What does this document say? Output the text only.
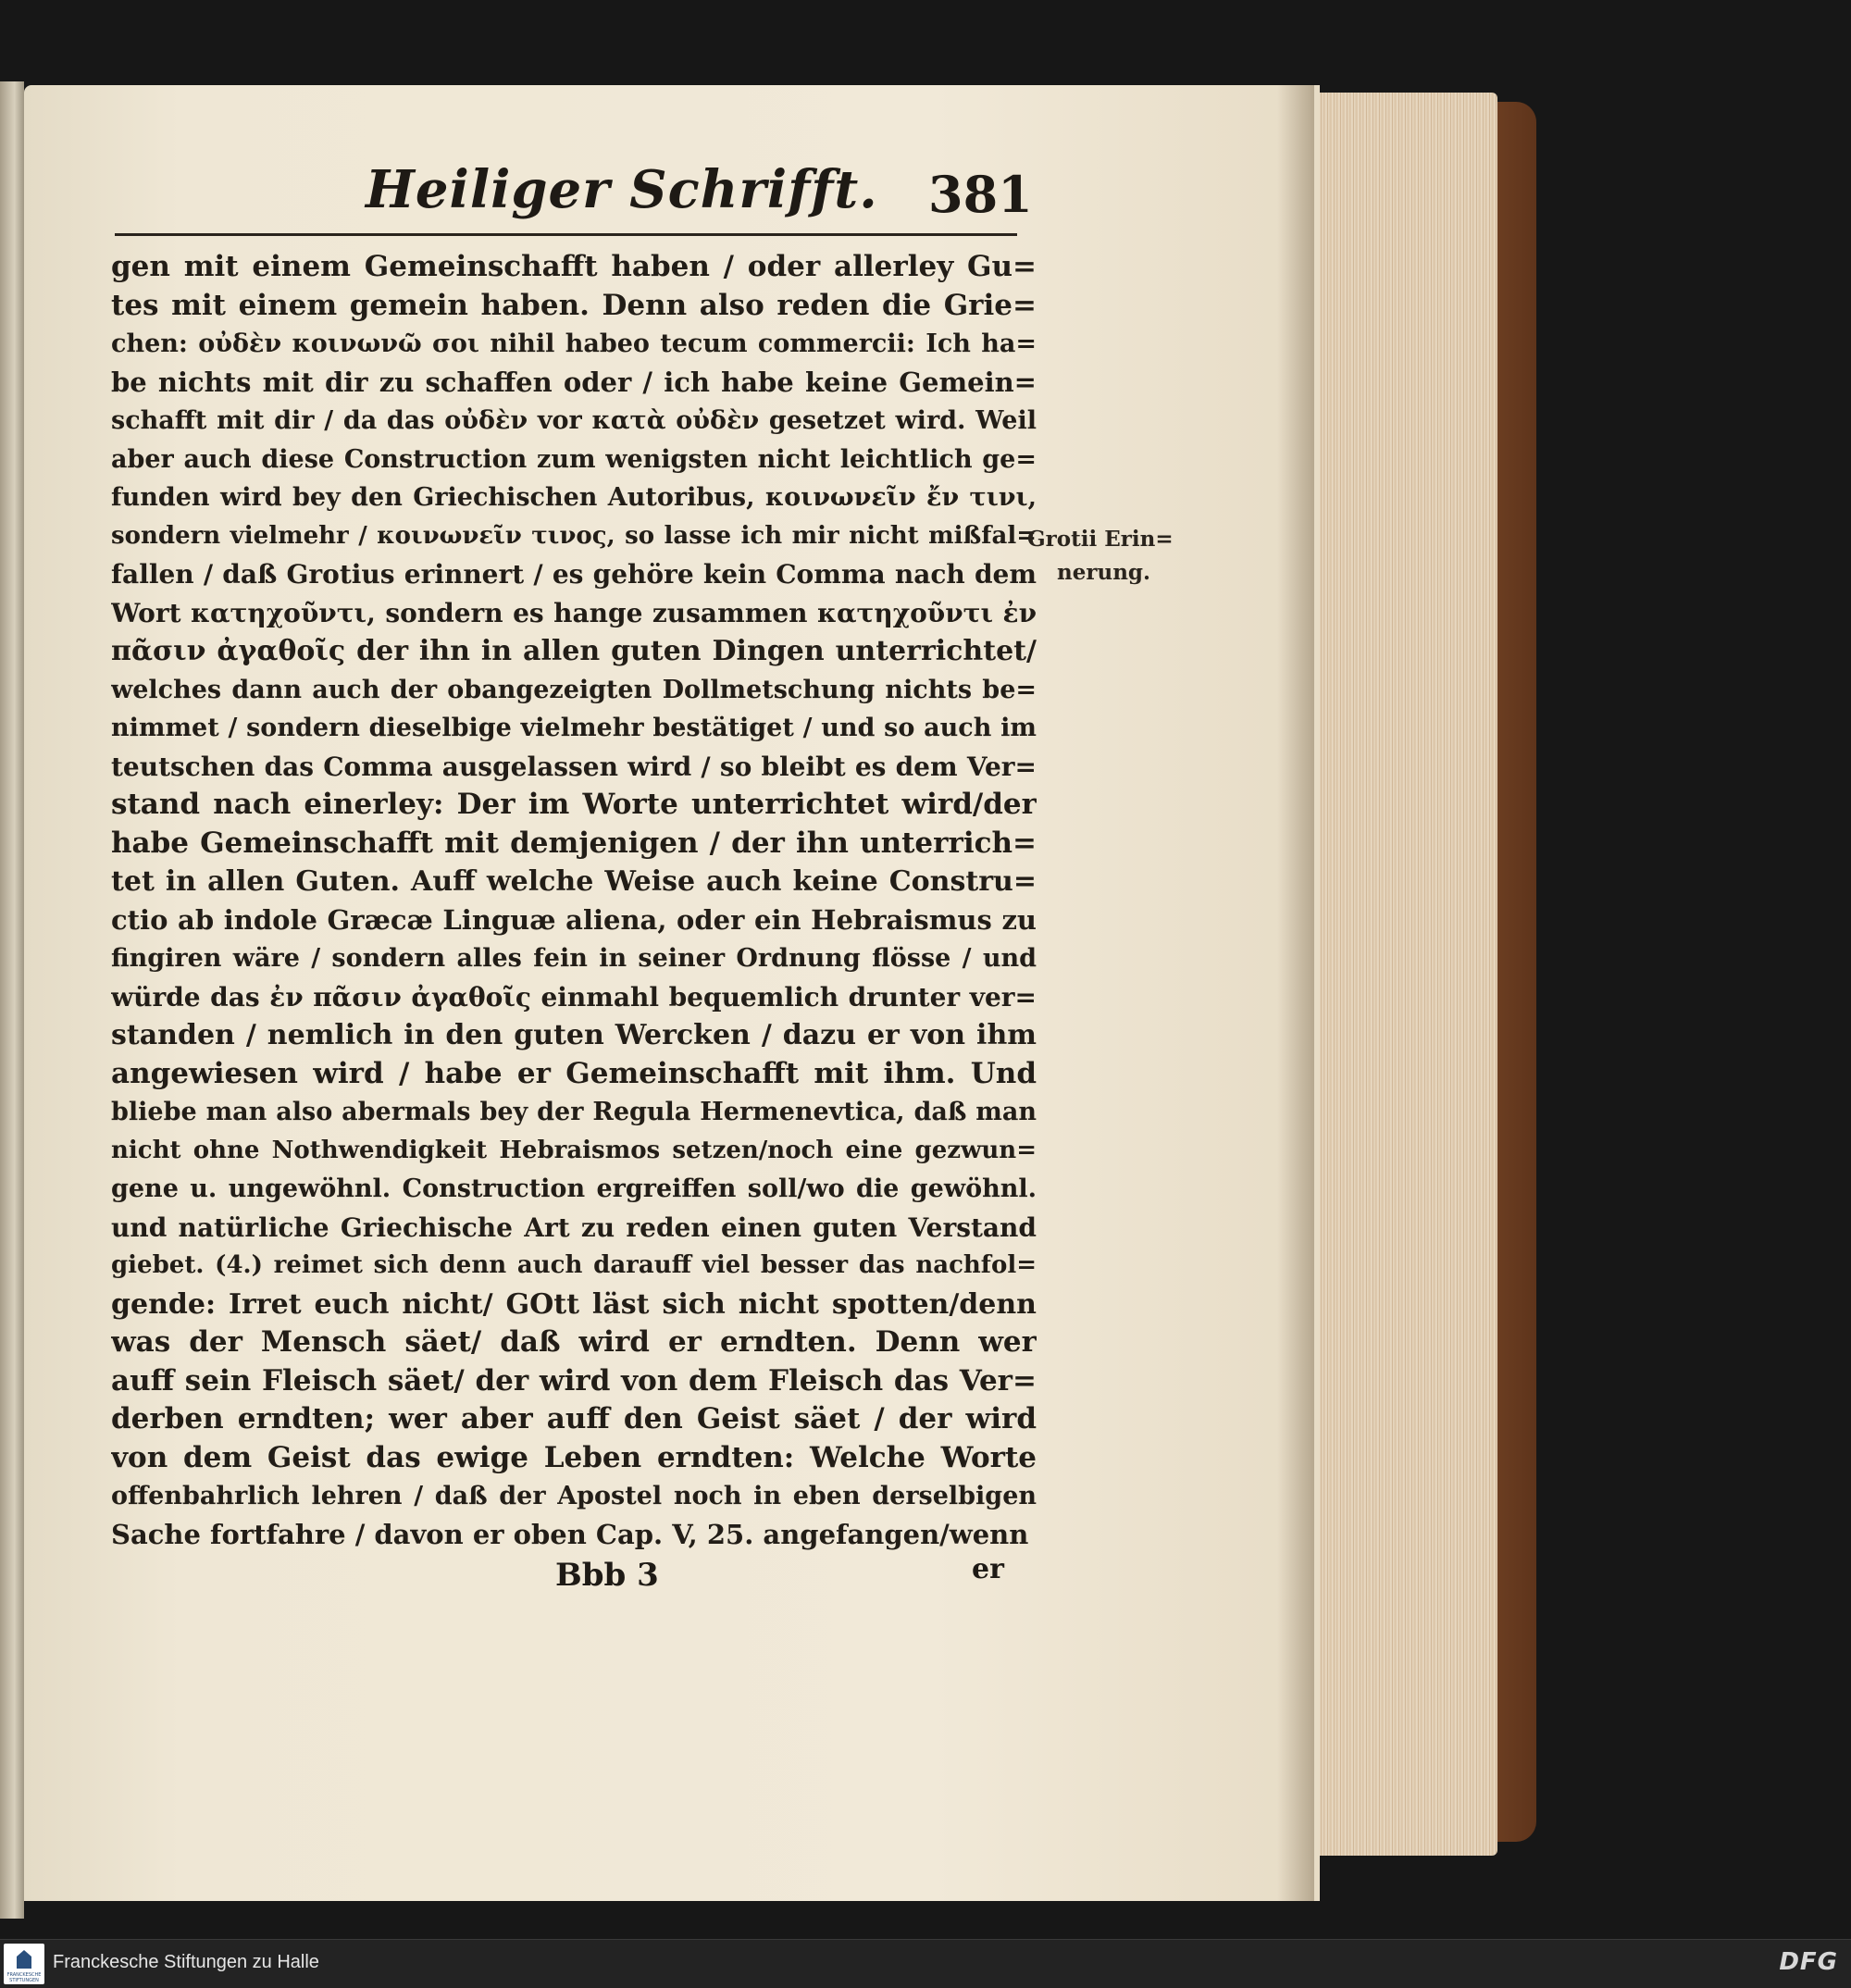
Heiliger Schrifft. 381
gen mit einem Gemeinschafft haben / oder allerley Gu=
tes mit einem gemein haben. Denn also reden die Grie=
chen: οὐδὲν κοινωνῶ σοι nihil habeo tecum commercii: Ich ha=
be nichts mit dir zu schaffen oder / ich habe keine Gemein=
schafft mit dir / da das οὐδὲν vor κατὰ οὐδὲν gesetzet wird. Weil
aber auch diese Construction zum wenigsten nicht leichtlich ge=
funden wird bey den Griechischen Autoribus, κοινωνεῖν ἔν τινι,
sondern vielmehr / κοινωνεῖν τινος, so lasse ich mir nicht mißfal=
fallen / daß Grotius erinnert / es gehöre kein Comma nach dem
Wort κατηχοῦντι, sondern es hange zusammen κατηχοῦντι ἐν
πᾶσιν ἀγαθοῖς der ihn in allen guten Dingen unterrichtet/
welches dann auch der obangezeigten Dollmetschung nichts be=
nimmet / sondern dieselbige vielmehr bestätiget / und so auch im
teutschen das Comma ausgelassen wird / so bleibt es dem Ver=
stand nach einerley: Der im Worte unterrichtet wird/der
habe Gemeinschafft mit demjenigen / der ihn unterrich=
tet in allen Guten. Auff welche Weise auch keine Constru=
ctio ab indole Græcæ Linguæ aliena, oder ein Hebraismus zu
fingiren wäre / sondern alles fein in seiner Ordnung flösse / und
würde das ἐν πᾶσιν ἀγαθοῖς einmahl bequemlich drunter ver=
standen / nemlich in den guten Wercken / dazu er von ihm
angewiesen wird / habe er Gemeinschafft mit ihm. Und
bliebe man also abermals bey der Regula Hermenevtica, daß man
nicht ohne Nothwendigkeit Hebraismos setzen/noch eine gezwun=
gene u. ungewöhnl. Construction ergreiffen soll/wo die gewöhnl.
und natürliche Griechische Art zu reden einen guten Verstand
giebet. (4.) reimet sich denn auch darauff viel besser das nachfol=
gende: Irret euch nicht/ GOtt läst sich nicht spotten/denn
was der Mensch säet/ daß wird er erndten. Denn wer
auff sein Fleisch säet/ der wird von dem Fleisch das Ver=
derben erndten; wer aber auff den Geist säet / der wird
von dem Geist das ewige Leben erndten: Welche Worte
offenbahrlich lehren / daß der Apostel noch in eben derselbigen
Sache fortfahre / davon er oben Cap. V, 25. angefangen/wenn
Grotii Erin=
nerung.
Bbb 3	er
FRANCKESCHE STIFTUNGEN
Franckesche Stiftungen zu Halle	DFG
